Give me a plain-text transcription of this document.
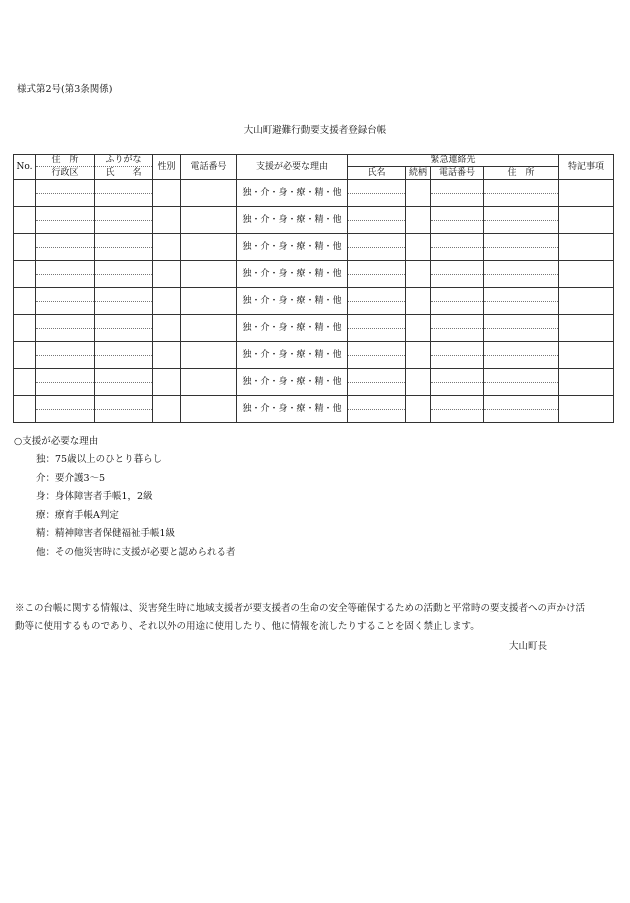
様式第2号(第3条関係)
大山町避難行動要支援者登録台帳
No.	住　所	ふりがな	性別	電話番号	支援が必要な理由	緊急連絡先				特記事項
	行政区	氏　　名				氏名	続柄	電話番号	住　所	
					独・介・身・療・精・他					

					独・介・身・療・精・他					

					独・介・身・療・精・他					

					独・介・身・療・精・他					

					独・介・身・療・精・他					

					独・介・身・療・精・他					

					独・介・身・療・精・他					

					独・介・身・療・精・他					

					独・介・身・療・精・他					

○支援が必要な理由
独：75歳以上のひとり暮らし
介：要介護3～5
身：身体障害者手帳1，2級
療：療育手帳A判定
精：精神障害者保健福祉手帳1級
他：その他災害時に支援が必要と認められる者
※この台帳に関する情報は、災害発生時に地域支援者が要支援者の生命の安全等確保するための活動と平常時の要支援者への声かけ活
動等に使用するものであり、それ以外の用途に使用したり、他に情報を流したりすることを固く禁止します。
大山町長
